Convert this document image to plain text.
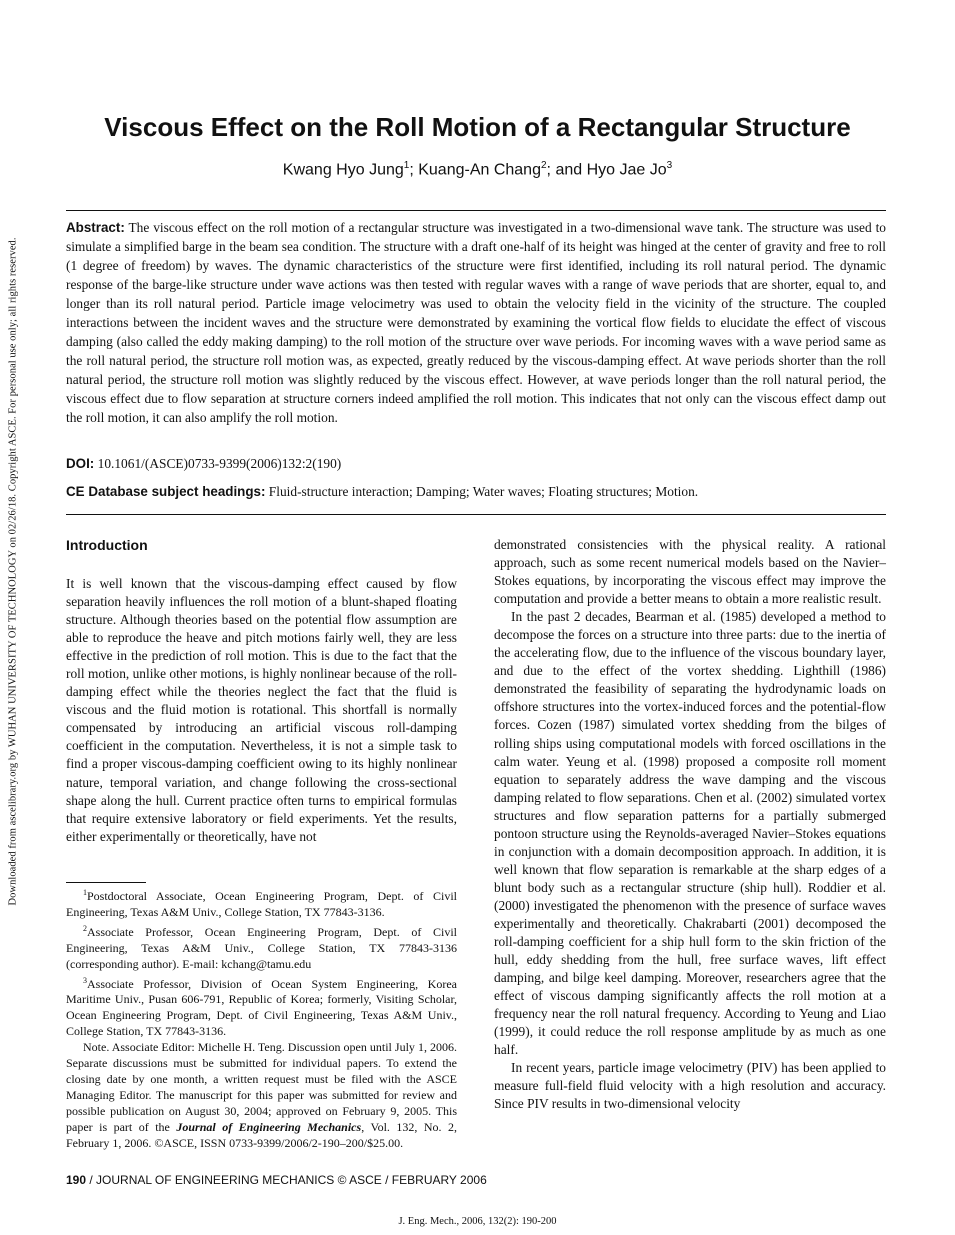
Downloaded from ascelibrary.org by WUHAN UNIVERSITY OF TECHNOLOGY on 02/26/18. Copyright ASCE. For personal use only; all rights reserved.
Viscous Effect on the Roll Motion of a Rectangular Structure
Kwang Hyo Jung$^1$; Kuang-An Chang$^2$; and Hyo Jae Jo$^3$
Abstract: The viscous effect on the roll motion of a rectangular structure was investigated in a two-dimensional wave tank. The structure was used to simulate a simplified barge in the beam sea condition. The structure with a draft one-half of its height was hinged at the center of gravity and free to roll (1 degree of freedom) by waves. The dynamic characteristics of the structure were first identified, including its roll natural period. The dynamic response of the barge-like structure under wave actions was then tested with regular waves with a range of wave periods that are shorter, equal to, and longer than its roll natural period. Particle image velocimetry was used to obtain the velocity field in the vicinity of the structure. The coupled interactions between the incident waves and the structure were demonstrated by examining the vortical flow fields to elucidate the effect of viscous damping (also called the eddy making damping) to the roll motion of the structure over wave periods. For incoming waves with a wave period same as the roll natural period, the structure roll motion was, as expected, greatly reduced by the viscous-damping effect. At wave periods shorter than the roll natural period, the structure roll motion was slightly reduced by the viscous effect. However, at wave periods longer than the roll natural period, the viscous effect due to flow separation at structure corners indeed amplified the roll motion. This indicates that not only can the viscous effect damp out the roll motion, it can also amplify the roll motion.
DOI: 10.1061/(ASCE)0733-9399(2006)132:2(190)
CE Database subject headings: Fluid-structure interaction; Damping; Water waves; Floating structures; Motion.
Introduction

It is well known that the viscous-damping effect caused by flow separation heavily influences the roll motion of a blunt-shaped floating structure. Although theories based on the potential flow assumption are able to reproduce the heave and pitch motions fairly well, they are less effective in the prediction of roll motion. This is due to the fact that the roll motion, unlike other motions, is highly nonlinear because of the roll-damping effect while the theories neglect the fact that the fluid is viscous and the fluid motion is rotational. This shortfall is normally compensated by introducing an artificial viscous roll-damping coefficient in the computation. Nevertheless, it is not a simple task to find a proper viscous-damping coefficient owing to its highly nonlinear nature, temporal variation, and change following the cross-sectional shape along the hull. Current practice often turns to empirical formulas that require extensive laboratory or field experiments. Yet the results, either experimentally or theoretically, have not

$^1$Postdoctoral Associate, Ocean Engineering Program, Dept. of Civil Engineering, Texas A&M Univ., College Station, TX 77843-3136.

$^2$Associate Professor, Ocean Engineering Program, Dept. of Civil Engineering, Texas A&M Univ., College Station, TX 77843-3136 (corresponding author). E-mail: kchang@tamu.edu

$^3$Associate Professor, Division of Ocean System Engineering, Korea Maritime Univ., Pusan 606-791, Republic of Korea; formerly, Visiting Scholar, Ocean Engineering Program, Dept. of Civil Engineering, Texas A&M Univ., College Station, TX 77843-3136.

Note. Associate Editor: Michelle H. Teng. Discussion open until July 1, 2006. Separate discussions must be submitted for individual papers. To extend the closing date by one month, a written request must be filed with the ASCE Managing Editor. The manuscript for this paper was submitted for review and possible publication on August 30, 2004; approved on February 9, 2005. This paper is part of the Journal of Engineering Mechanics, Vol. 132, No. 2, February 1, 2006. ©ASCE, ISSN 0733-9399/2006/2-190–200/$25.00.

demonstrated consistencies with the physical reality. A rational approach, such as some recent numerical models based on the Navier–Stokes equations, by incorporating the viscous effect may improve the computation and provide a better means to obtain a more realistic result.

In the past 2 decades, Bearman et al. (1985) developed a method to decompose the forces on a structure into three parts: due to the inertia of the accelerating flow, due to the influence of the viscous boundary layer, and due to the effect of the vortex shedding. Lighthill (1986) demonstrated the feasibility of separating the hydrodynamic loads on offshore structures into the vortex-induced forces and the potential-flow forces. Cozen (1987) simulated vortex shedding from the bilges of rolling ships using computational models with forced oscillations in the calm water. Yeung et al. (1998) proposed a composite roll moment equation to separately address the wave damping and the viscous damping related to flow separations. Chen et al. (2002) simulated vortex structures and flow separation patterns for a partially submerged pontoon structure using the Reynolds-averaged Navier–Stokes equations in conjunction with a domain decomposition approach. In addition, it is well known that flow separation is remarkable at the sharp edges of a blunt body such as a rectangular structure (ship hull). Roddier et al. (2000) investigated the phenomenon with the presence of surface waves experimentally and theoretically. Chakrabarti (2001) decomposed the roll-damping coefficient for a ship hull form to the skin friction of the hull, eddy shedding from the hull, free surface waves, lift effect damping, and bilge keel damping. Moreover, researchers agree that the effect of viscous damping significantly affects the roll motion at a frequency near the roll natural frequency. According to Yeung and Liao (1999), it could reduce the roll response amplitude by as much as one half.

In recent years, particle image velocimetry (PIV) has been applied to measure full-field fluid velocity with a high resolution and accuracy. Since PIV results in two-dimensional velocity

190 / JOURNAL OF ENGINEERING MECHANICS © ASCE / FEBRUARY 2006
J. Eng. Mech., 2006, 132(2): 190-200
